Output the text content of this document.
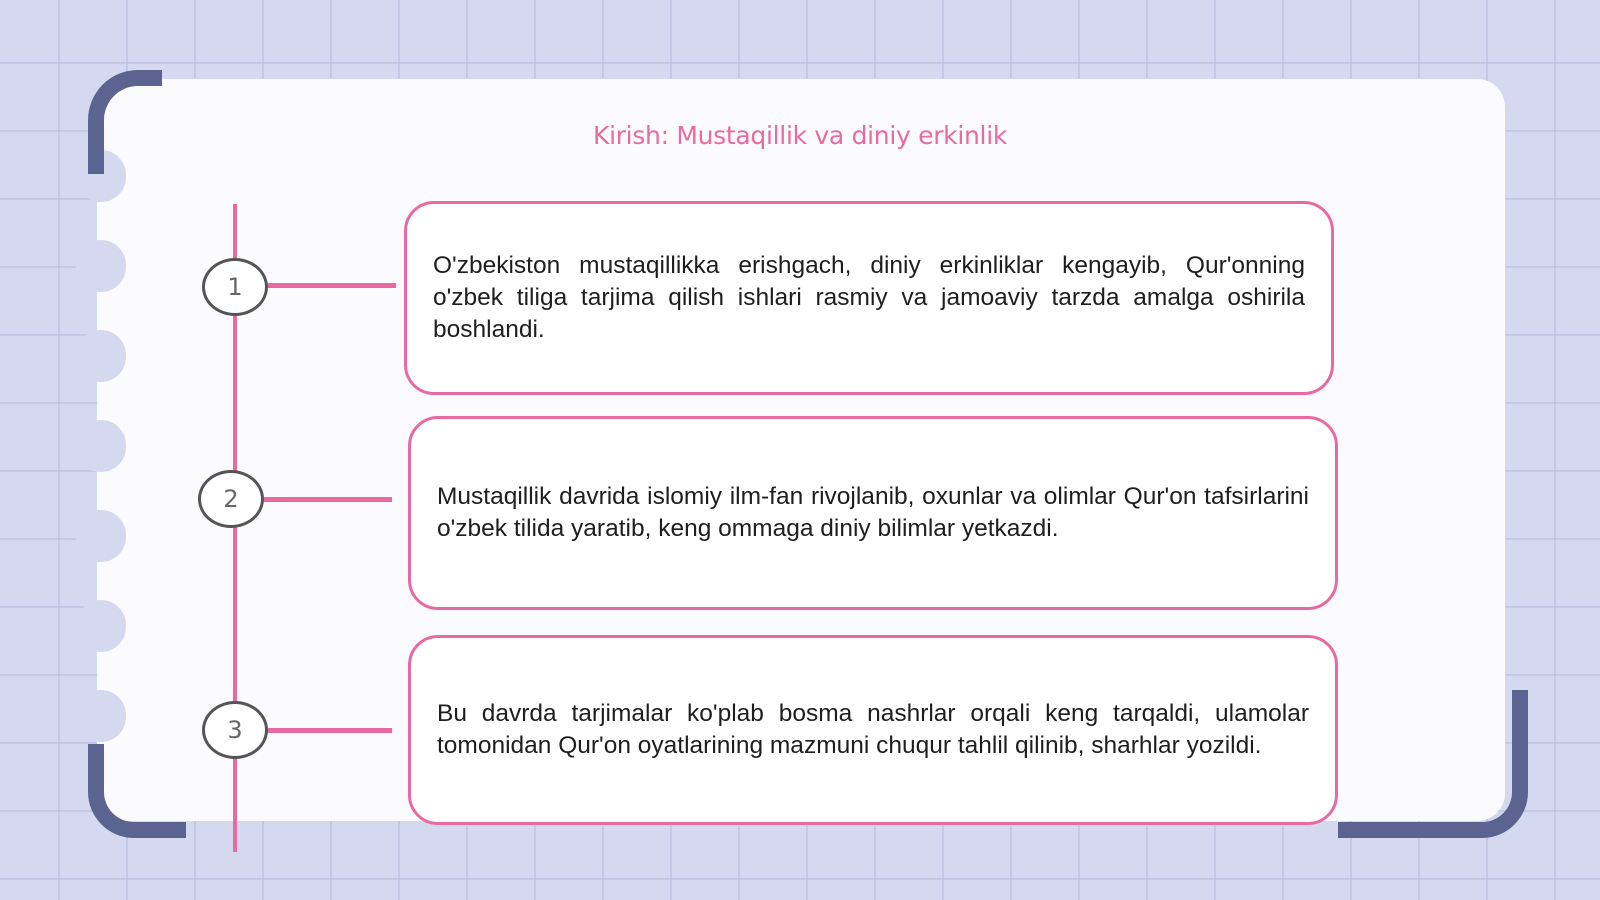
Kirish: Mustaqillik va diniy erkinlik
1

O'zbekiston mustaqillikka erishgach, diniy erkinliklar kengayib, Qur'onning o'zbek tiliga tarjima qilish ishlari rasmiy va jamoaviy tarzda amalga oshirila boshlandi.

2	Mustaqillik davrida islomiy ilm-fan rivojlanib, oxunlar va olimlar Qur'on tafsirlarini o'zbek tilida yaratib, keng ommaga diniy bilimlar yetkazdi.

3

Bu davrda tarjimalar ko'plab bosma nashrlar orqali keng tarqaldi, ulamolar tomonidan Qur'on oyatlarining mazmuni chuqur tahlil qilinib, sharhlar yozildi.
